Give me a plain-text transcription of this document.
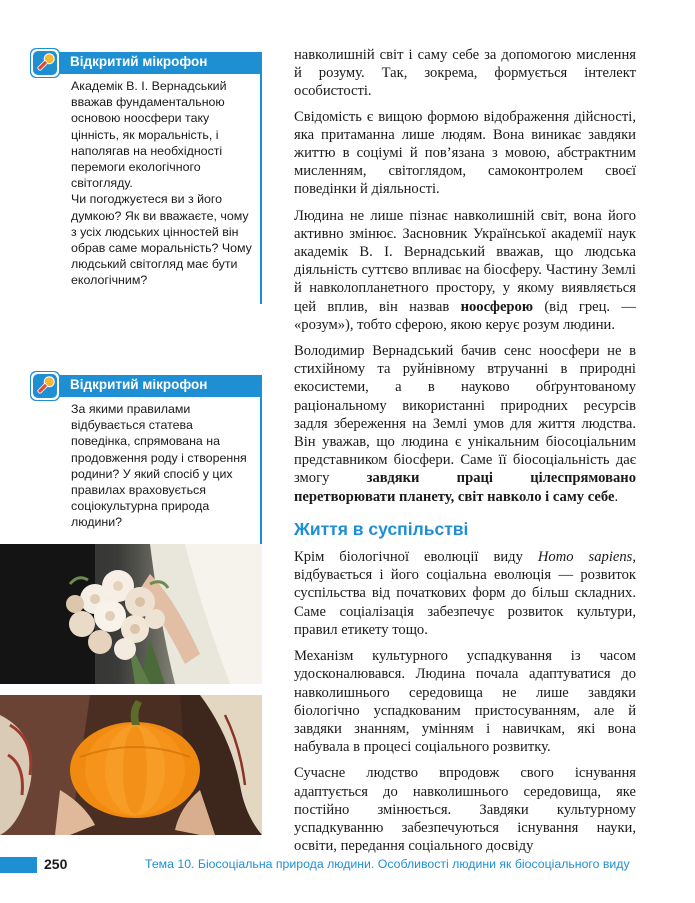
Відкритий мікрофон

Академік В. І. Вернадський вважав фундаментальною основою ноосфери таку цінність, як моральність, і наполягав на необхідності перемоги екологічного світогляду.
Чи погоджуєтеся ви з його думкою? Як ви вважаєте, чому з усіх людських цінностей він обрав саме моральність? Чому людський світогляд має бути екологічним?

Відкритий мікрофон

За якими правилами відбувається статева поведінка, спрямована на продовження роду і створення родини? У який спосіб у цих правилах враховується соціокультурна природа людини?

навколишній світ і саму себе за допомогою мислення й розуму. Так, зокрема, формується інтелект особистості.

Свідомість є вищою формою відображення дійсності, яка притаманна лише людям. Вона виникає завдяки життю в соціумі й пов’язана з мовою, абстрактним мисленням, світоглядом, самоконтролем своєї поведінки й діяльності.

Людина не лише пізнає навколишній світ, вона його активно змінює. Засновник Української академії наук академік В. І. Вернадський вважав, що людська діяльність суттєво впливає на біосферу. Частину Землі й навколопланетного простору, у якому виявляється цей вплив, він назвав ноосферою (від грец. — «розум»), тобто сферою, якою керує розум людини.

Володимир Вернадський бачив сенс ноосфери не в стихійному та руйнівному втручанні в природні екосистеми, а в науково обґрунтованому раціональному використанні природних ресурсів задля збереження на Землі умов для життя людства. Він уважав, що людина є унікальним біосоціальним представником біосфери. Саме її біосоціальність дає змогу завдяки праці цілеспрямовано перетворювати планету, світ навколо і саму себе.

Життя в суспільстві

Крім біологічної еволюції виду Homo sapiens, відбувається і його соціальна еволюція — розвиток суспільства від початкових форм до більш складних. Саме соціалізація забезпечує розвиток культури, правил етикету тощо.

Механізм культурного успадкування із часом удосконалювався. Людина почала адаптуватися до навколишнього середовища не лише завдяки біологічно успадкованим пристосуванням, але й завдяки знанням, умінням і навичкам, які вона набувала в процесі соціального розвитку.

Сучасне людство впродовж свого існування адаптується до навколишнього середовища, яке постійно змінюється. Завдяки культурному успадкуванню забезпечуються існування науки, освіти, передання соціального досвіду

250	Тема 10. Біосоціальна природа людини. Особливості людини як біосоціального виду
